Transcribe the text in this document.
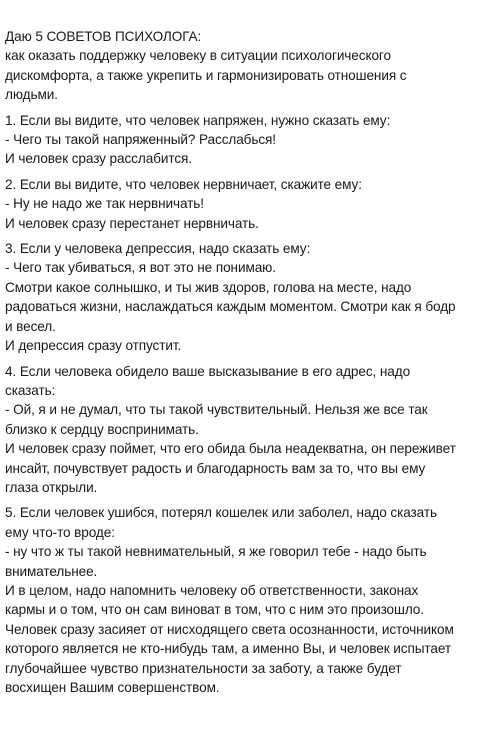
Даю 5 СОВЕТОВ ПСИХОЛОГА:
как оказать поддержку человеку в ситуации психологического
дискомфорта, а также укрепить и гармонизировать отношения с
людьми.
1. Если вы видите, что человек напряжен, нужно сказать ему:
- Чего ты такой напряженный? Расслабься!
И человек сразу расслабится.
2. Если вы видите, что человек нервничает, скажите ему:
- Ну не надо же так нервничать!
И человек сразу перестанет нервничать.
3. Если у человека депрессия, надо сказать ему:
- Чего так убиваться, я вот это не понимаю.
Смотри какое солнышко, и ты жив здоров, голова на месте, надо
радоваться жизни, наслаждаться каждым моментом. Смотри как я бодр
и весел.
И депрессия сразу отпустит.
4. Если человека обидело ваше высказывание в его адрес, надо
сказать:
- Ой, я и не думал, что ты такой чувствительный. Нельзя же все так
близко к сердцу воспринимать.
И человек сразу поймет, что его обида была неадекватна, он переживет
инсайт, почувствует радость и благодарность вам за то, что вы ему
глаза открыли.
5. Если человек ушибся, потерял кошелек или заболел, надо сказать
ему что-то вроде:
- ну что ж ты такой невнимательный, я же говорил тебе - надо быть
внимательнее.
И в целом, надо напомнить человеку об ответственности, законах
кармы и о том, что он сам виноват в том, что с ним это произошло.
Человек сразу засияет от нисходящего света осознанности, источником
которого является не кто-нибудь там, а именно Вы, и человек испытает
глубочайшее чувство признательности за заботу, а также будет
восхищен Вашим совершенством.
